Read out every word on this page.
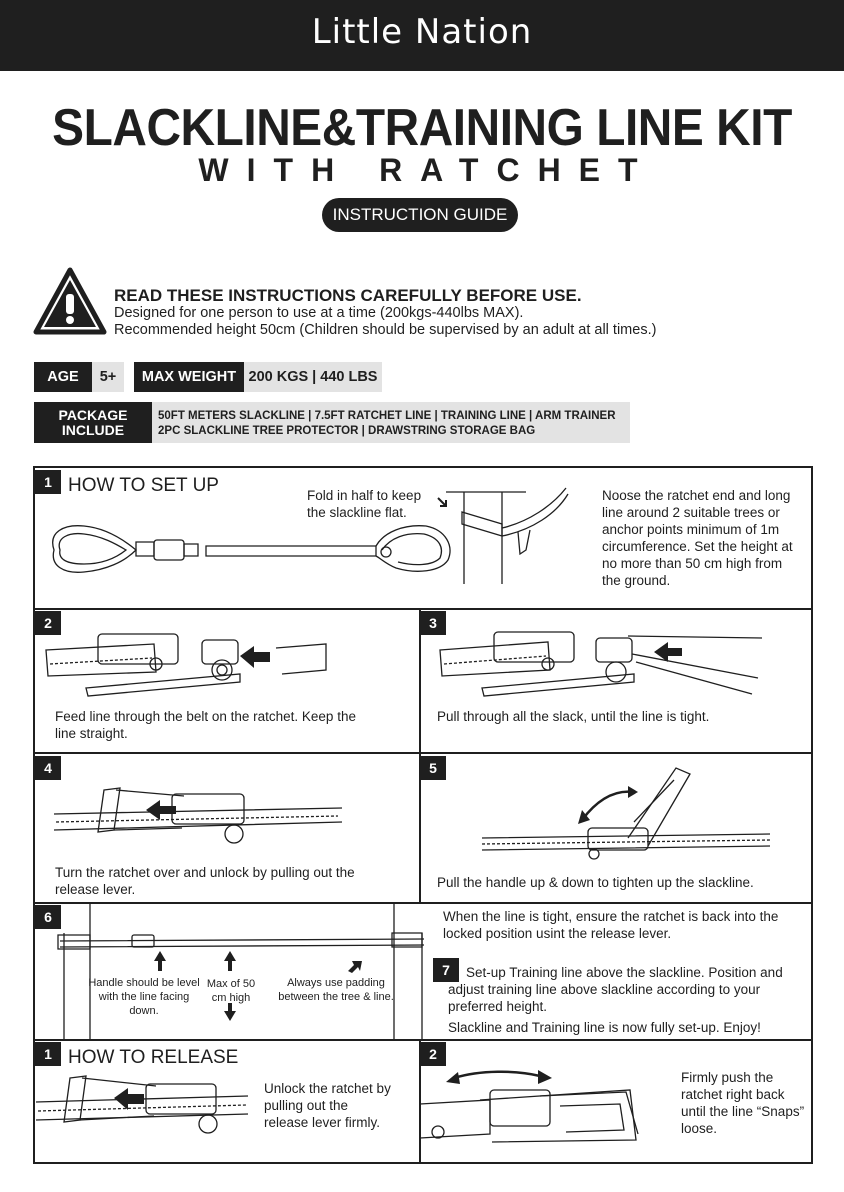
Little Nation
SLACKLINE&TRAINING LINE KIT
WITH RATCHET
INSTRUCTION GUIDE
READ THESE INSTRUCTIONS CAREFULLY BEFORE USE.
Designed for one person to use at a time (200kgs-440lbs MAX).
Recommended height 50cm (Children should be supervised by an adult at all times.)
AGE	5+	MAX WEIGHT 200 KGS | 440 LBS
PACKAGE
INCLUDE
50FT METERS SLACKLINE | 7.5FT RATCHET LINE | TRAINING LINE | ARM TRAINER
2PC SLACKLINE TREE PROTECTOR | DRAWSTRING STORAGE BAG
1 HOW TO SET UP	Fold in half to keep the slackline flat.
Noose the ratchet end and long line around 2 suitable trees or anchor points minimum of 1m circumference. Set the height at no more than 50 cm high from the ground.
2
Feed line through the belt on the ratchet. Keep the line straight.
3
Pull through all the slack, until the line is tight.
4
Turn the ratchet over and unlock by pulling out the release lever.
5
Pull the handle up & down to tighten up the slackline.
6
Handle should be level with the line facing down.
Max of 50 cm high
Always use padding between the tree & line.
When the line is tight, ensure the ratchet is back into the locked position usint the release lever.
7	Set-up Training line above the slackline. Position and adjust training line above slackline according to your preferred height.
Slackline and Training line is now fully set-up. Enjoy!
1 HOW TO RELEASE
Unlock the ratchet by pulling out the release lever firmly.
2
Firmly push the ratchet right back until the line “Snaps” loose.
